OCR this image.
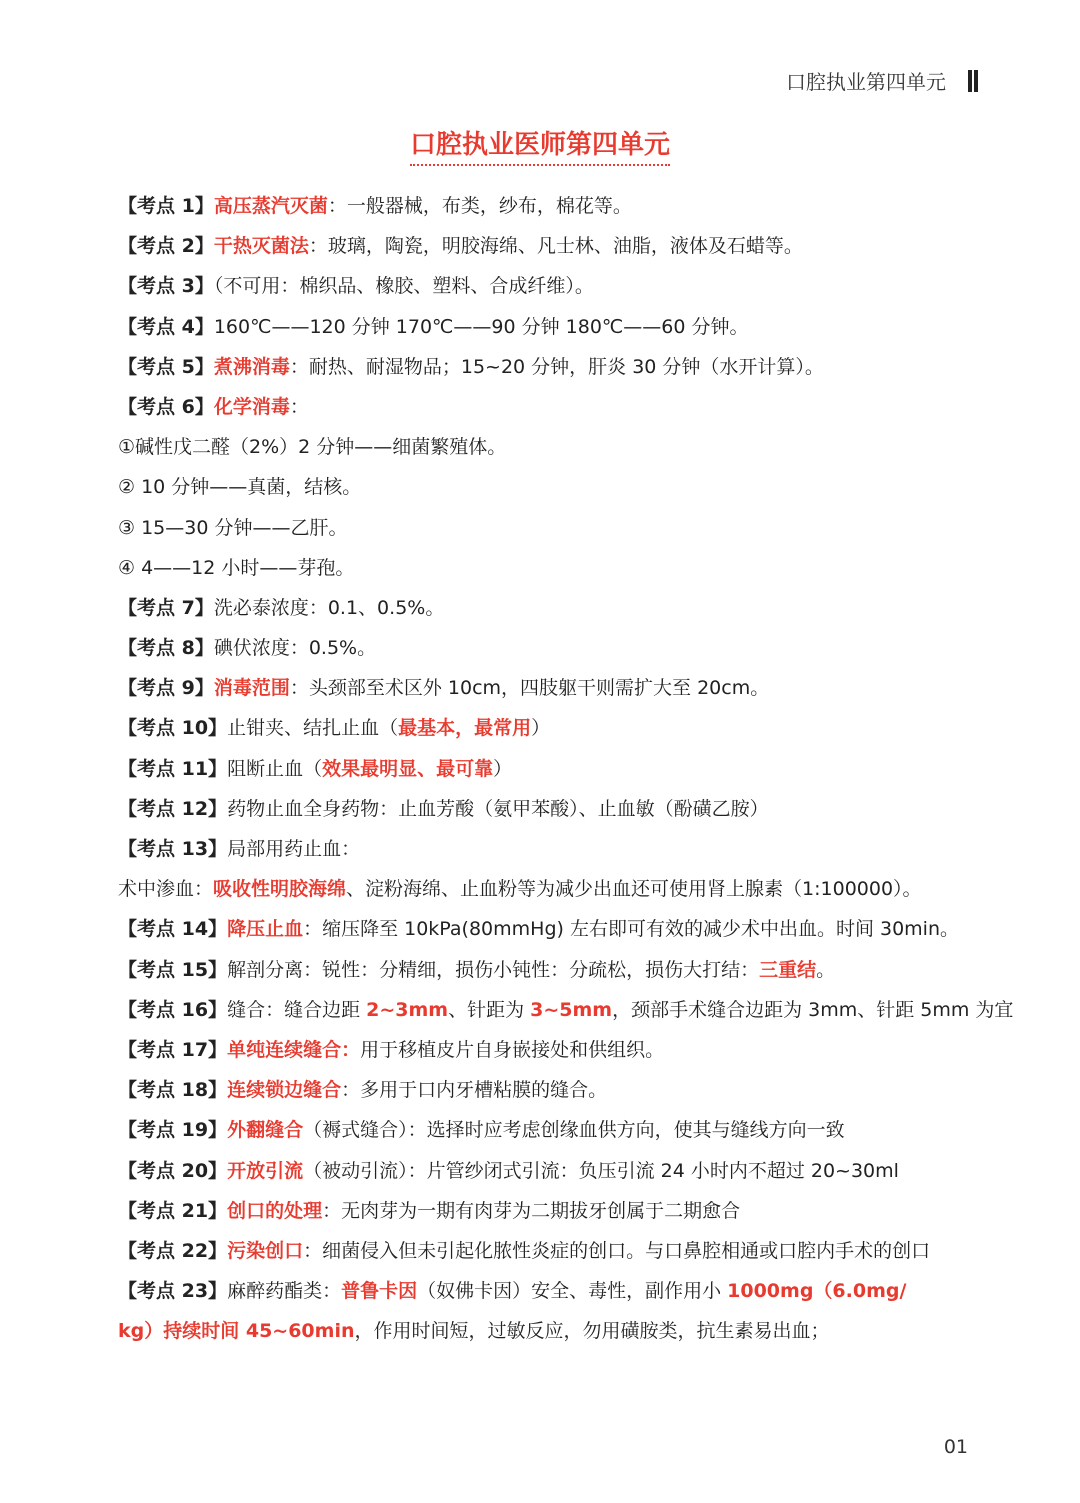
口腔执业第四单元
口腔执业医师第四单元
【考点 1】高压蒸汽灭菌：一般器械，布类，纱布，棉花等。
【考点 2】干热灭菌法：玻璃，陶瓷，明胶海绵、凡士林、油脂，液体及石蜡等。
【考点 3】（不可用：棉织品、橡胶、塑料、合成纤维）。
【考点 4】160℃——120 分钟 170℃——90 分钟 180℃——60 分钟。
【考点 5】煮沸消毒：耐热、耐湿物品；15~20 分钟，肝炎 30 分钟（水开计算）。
【考点 6】化学消毒：
①碱性戊二醛（2%）2 分钟——细菌繁殖体。
② 10 分钟——真菌，结核。
③ 15—30 分钟——乙肝。
④ 4——12 小时——芽孢。
【考点 7】洗必泰浓度：0.1、0.5%。
【考点 8】碘伏浓度：0.5%。
【考点 9】消毒范围：头颈部至术区外 10cm，四肢躯干则需扩大至 20cm。
【考点 10】止钳夹、结扎止血（最基本，最常用）
【考点 11】阻断止血（效果最明显、最可靠）
【考点 12】药物止血全身药物：止血芳酸（氨甲苯酸）、止血敏（酚磺乙胺）
【考点 13】局部用药止血：
术中渗血：吸收性明胶海绵、淀粉海绵、止血粉等为减少出血还可使用肾上腺素（1:100000）。
【考点 14】降压止血：缩压降至 10kPa(80mmHg) 左右即可有效的减少术中出血。时间 30min。
【考点 15】解剖分离：锐性：分精细，损伤小钝性：分疏松，损伤大打结：三重结。
【考点 16】缝合：缝合边距 2~3mm、针距为 3~5mm，颈部手术缝合边距为 3mm、针距 5mm 为宜
【考点 17】单纯连续缝合：用于移植皮片自身嵌接处和供组织。
【考点 18】连续锁边缝合：多用于口内牙槽粘膜的缝合。
【考点 19】外翻缝合（褥式缝合）：选择时应考虑创缘血供方向，使其与缝线方向一致
【考点 20】开放引流（被动引流）：片管纱闭式引流：负压引流 24 小时内不超过 20~30ml
【考点 21】创口的处理：无肉芽为一期有肉芽为二期拔牙创属于二期愈合
【考点 22】污染创口：细菌侵入但未引起化脓性炎症的创口。与口鼻腔相通或口腔内手术的创口
【考点 23】麻醉药酯类：普鲁卡因（奴佛卡因）安全、毒性，副作用小 1000mg（6.0mg/
kg）持续时间 45~60min，作用时间短，过敏反应，勿用磺胺类，抗生素易出血；
01
